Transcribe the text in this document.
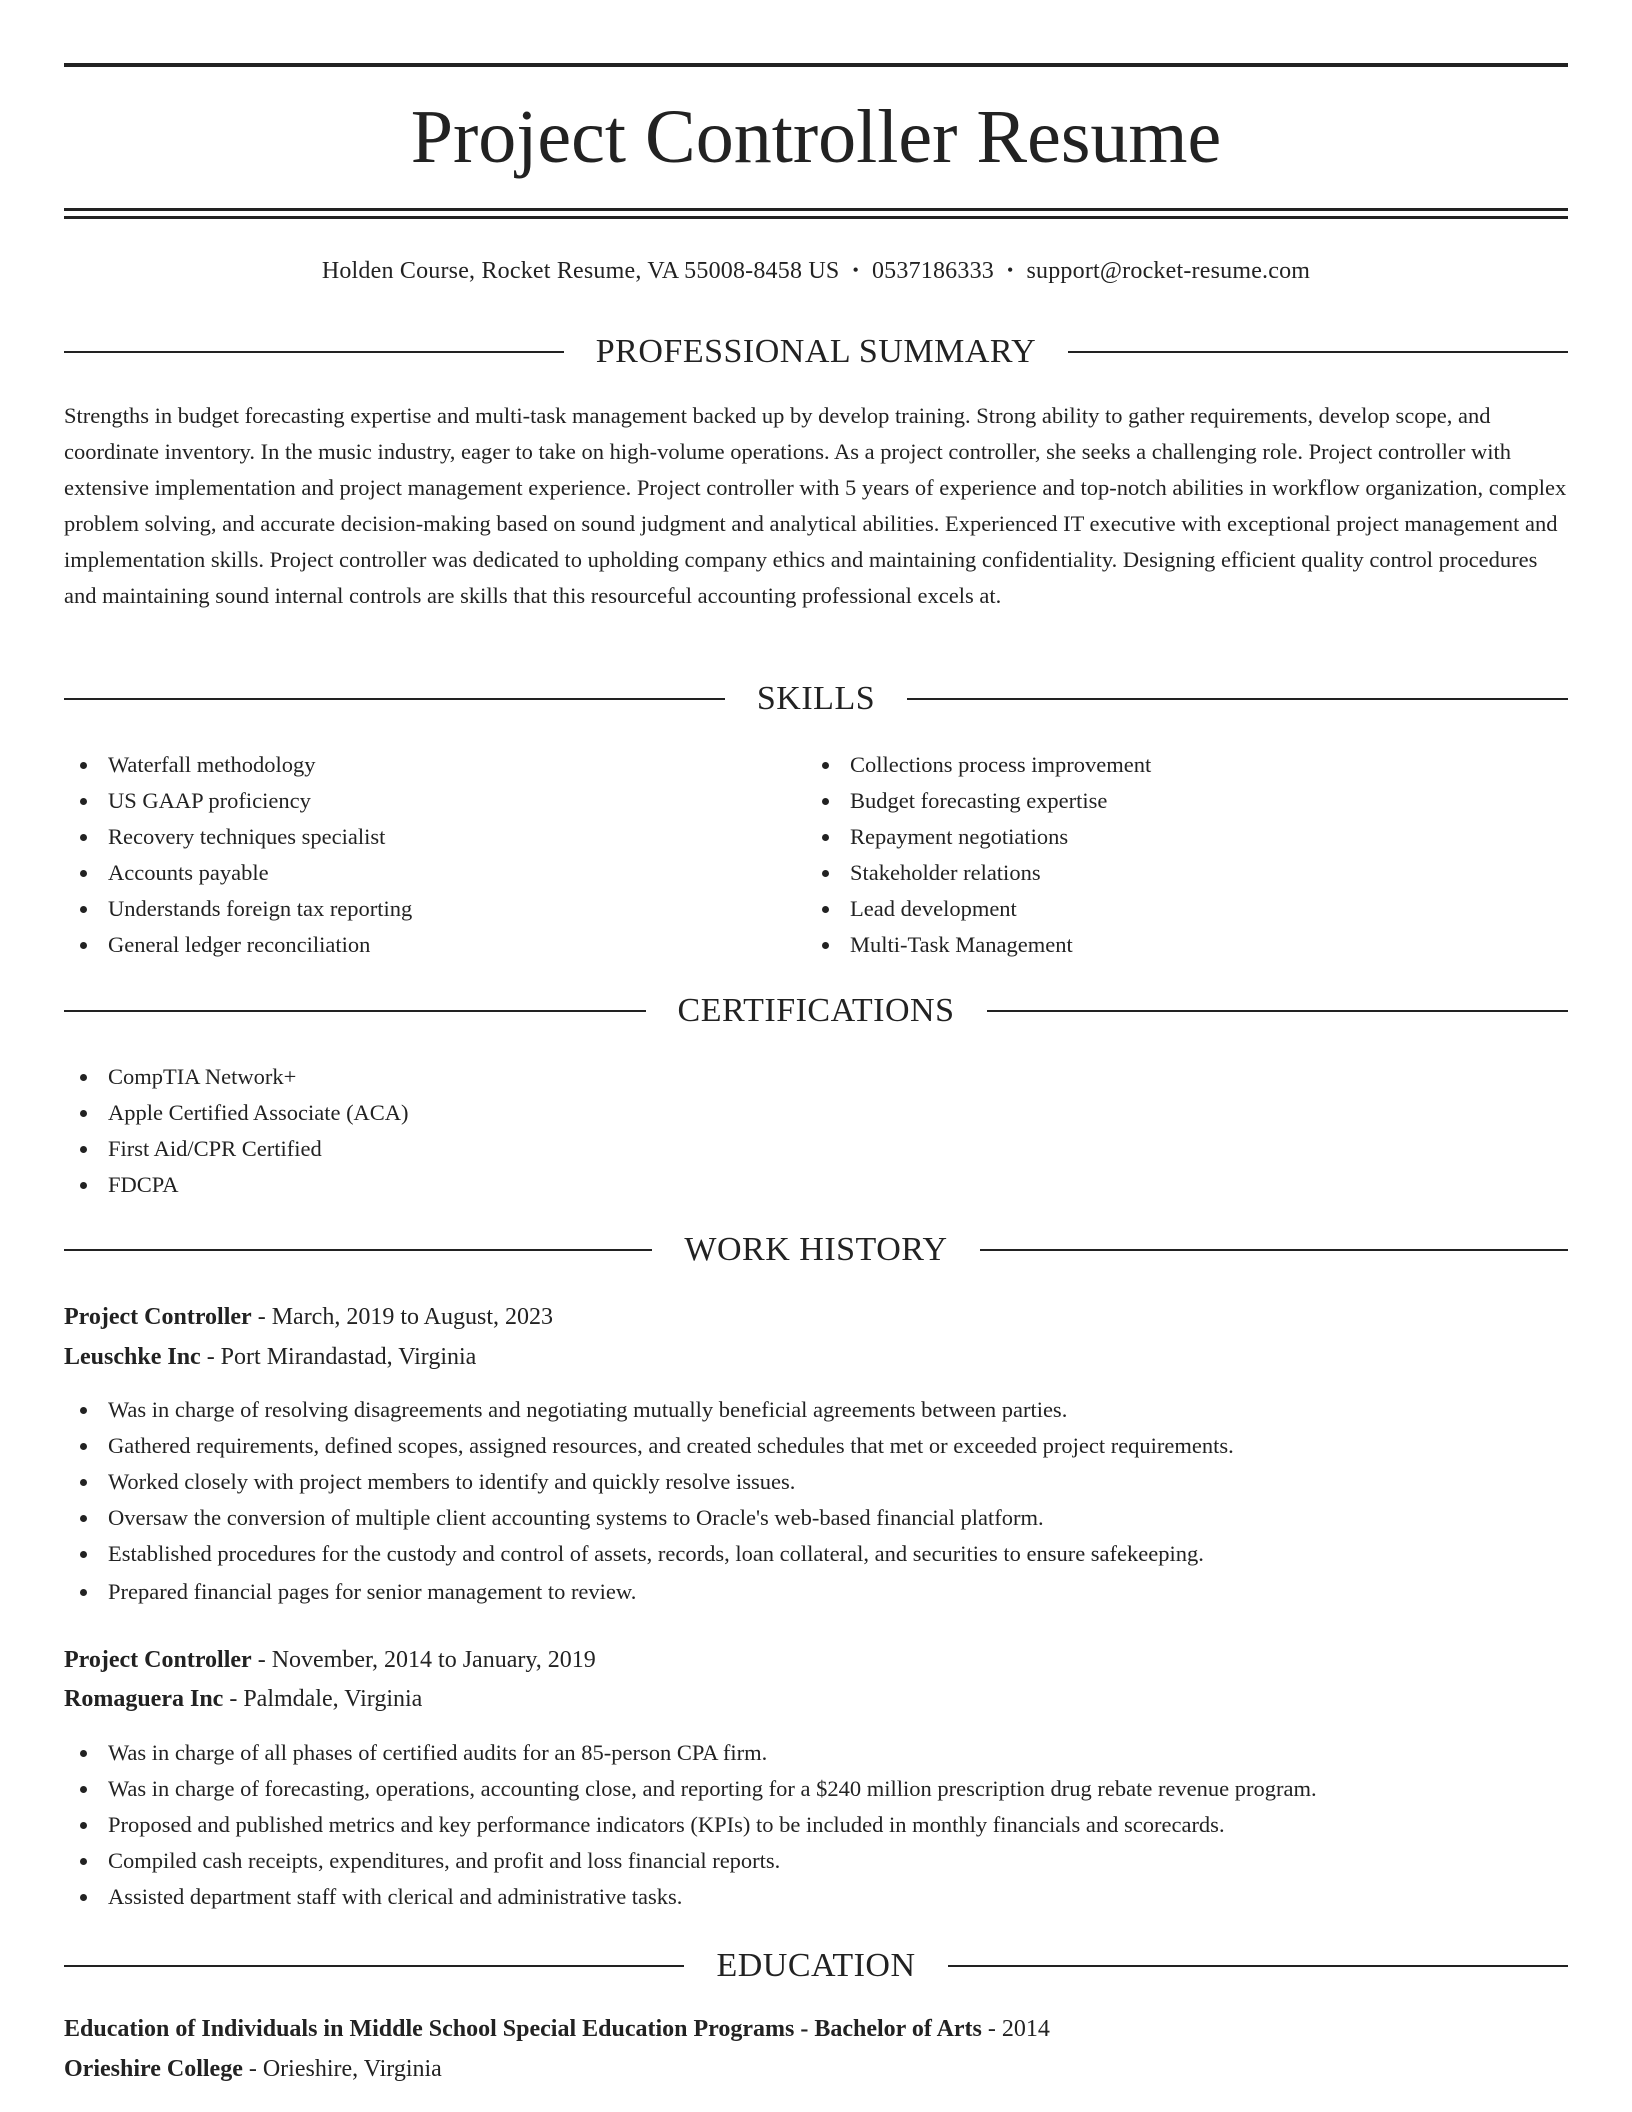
Project Controller Resume
Holden Course, Rocket Resume, VA 55008-8458 US • 0537186333 • support@rocket-resume.com
PROFESSIONAL SUMMARY

Strengths in budget forecasting expertise and multi-task management backed up by develop training. Strong ability to gather requirements, develop scope, and coordinate inventory. In the music industry, eager to take on high-volume operations. As a project controller, she seeks a challenging role. Project controller with extensive implementation and project management experience. Project controller with 5 years of experience and top-notch abilities in workflow organization, complex problem solving, and accurate decision-making based on sound judgment and analytical abilities. Experienced IT executive with exceptional project management and implementation skills. Project controller was dedicated to upholding company ethics and maintaining confidentiality. Designing efficient quality control procedures and maintaining sound internal controls are skills that this resourceful accounting professional excels at.

SKILLS
Waterfall methodology
US GAAP proficiency
Recovery techniques specialist
Accounts payable
Understands foreign tax reporting
General ledger reconciliation
Collections process improvement
Budget forecasting expertise
Repayment negotiations
Stakeholder relations
Lead development
Multi-Task Management
CERTIFICATIONS
CompTIA Network+
Apple Certified Associate (ACA)
First Aid/CPR Certified
FDCPA
WORK HISTORY
Project Controller - March, 2019 to August, 2023
Leuschke Inc - Port Mirandastad, Virginia
Was in charge of resolving disagreements and negotiating mutually beneficial agreements between parties.
Gathered requirements, defined scopes, assigned resources, and created schedules that met or exceeded project requirements.
Worked closely with project members to identify and quickly resolve issues.
Oversaw the conversion of multiple client accounting systems to Oracle's web-based financial platform.
Established procedures for the custody and control of assets, records, loan collateral, and securities to ensure safekeeping.
Prepared financial pages for senior management to review.
Project Controller - November, 2014 to January, 2019
Romaguera Inc - Palmdale, Virginia
Was in charge of all phases of certified audits for an 85-person CPA firm.
Was in charge of forecasting, operations, accounting close, and reporting for a $240 million prescription drug rebate revenue program.
Proposed and published metrics and key performance indicators (KPIs) to be included in monthly financials and scorecards.
Compiled cash receipts, expenditures, and profit and loss financial reports.
Assisted department staff with clerical and administrative tasks.
EDUCATION
Education of Individuals in Middle School Special Education Programs - Bachelor of Arts - 2014
Orieshire College - Orieshire, Virginia
